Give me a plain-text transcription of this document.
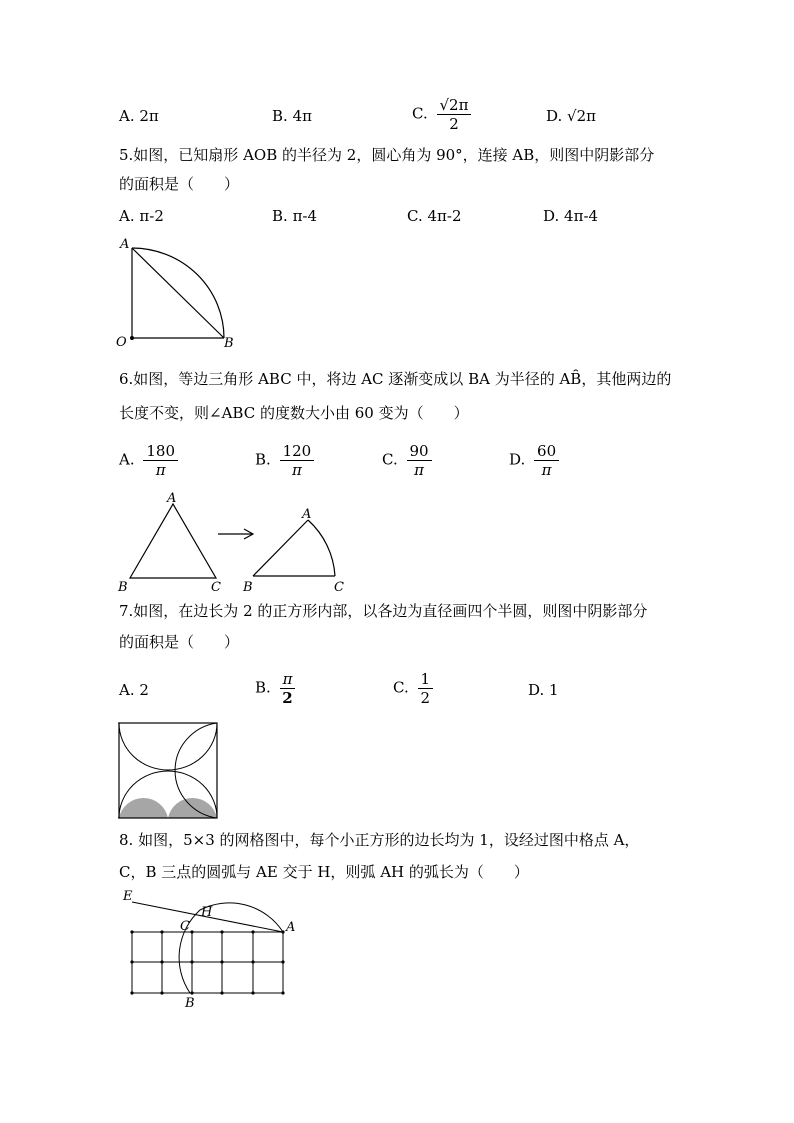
A. 2π	B. 4π	C. $\frac{√2\pi}{2}$	D. √2π
5.如图，已知扇形 AOB 的半径为 2，圆心角为 90°，连接 AB，则图中阴影部分
的面积是（　　）
A. π-2	B. π-4	C. 4π-2	D. 4π-4
A
O	B
6.如图，等边三角形 ABC 中，将边 AC 逐渐变成以 BA 为半径的 AB̑，其他两边的
长度不变，则∠ABC 的度数大小由 60 变为（　　）
A. $\frac{180}{\pi}$	B. $\frac{120}{\pi}$	C. $\frac{90}{\pi}$	D. $\frac{60}{\pi}$
A
B	C
A
B	C
7.如图，在边长为 2 的正方形内部，以各边为直径画四个半圆，则图中阴影部分
的面积是（　　）
A. 2	B. $\frac{\pi}{2}$	C. $\frac{1}{2}$	D. 1
8. 如图，5×3 的网格图中，每个小正方形的边长均为 1，设经过图中格点 A，
C，B 三点的圆弧与 AE 交于 H，则弧 AH 的弧长为（　　）
E
H
C	A
B
